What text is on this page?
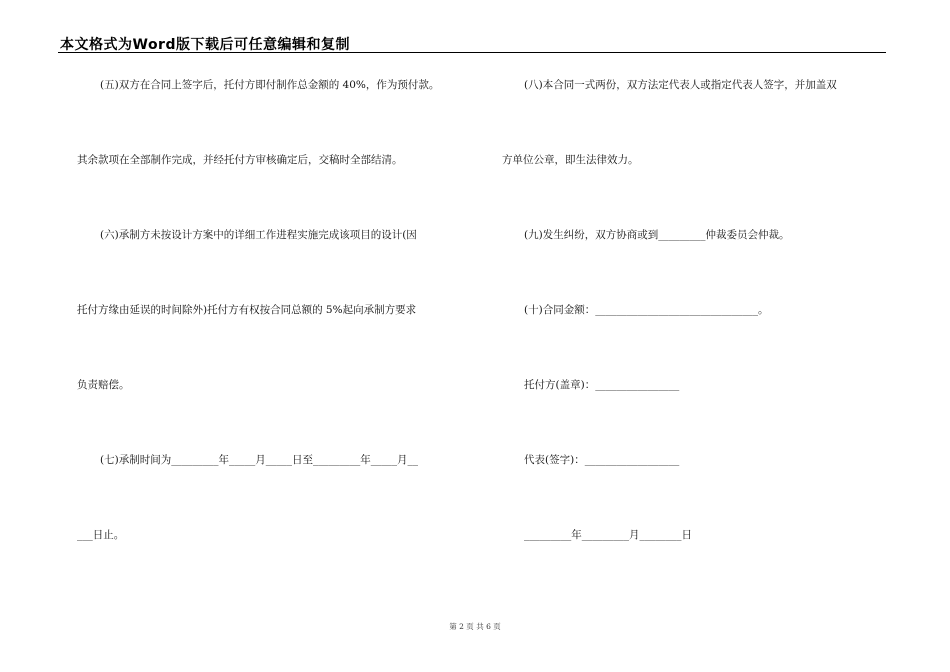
本文格式为Word版下载后可任意编辑和复制
(五)双方在合同上签字后，托付方即付制作总金额的 40%，作为预付款。
其余款项在全部制作完成，并经托付方审核确定后，交稿时全部结清。
(六)承制方未按设计方案中的详细工作进程实施完成该项目的设计(因
托付方缘由延误的时间除外)托付方有权按合同总额的 5%起向承制方要求
负责赔偿。
(七)承制时间为_________年_____月_____日至_________年_____月__
___日止。
(八)本合同一式两份，双方法定代表人或指定代表人签字，并加盖双
方单位公章，即生法律效力。
(九)发生纠纷，双方协商或到_________仲裁委员会仲裁。
(十)合同金额：_______________________________。
托付方(盖章)：________________
代表(签字)：__________________
_________年_________月________日
第 2 页 共 6 页
